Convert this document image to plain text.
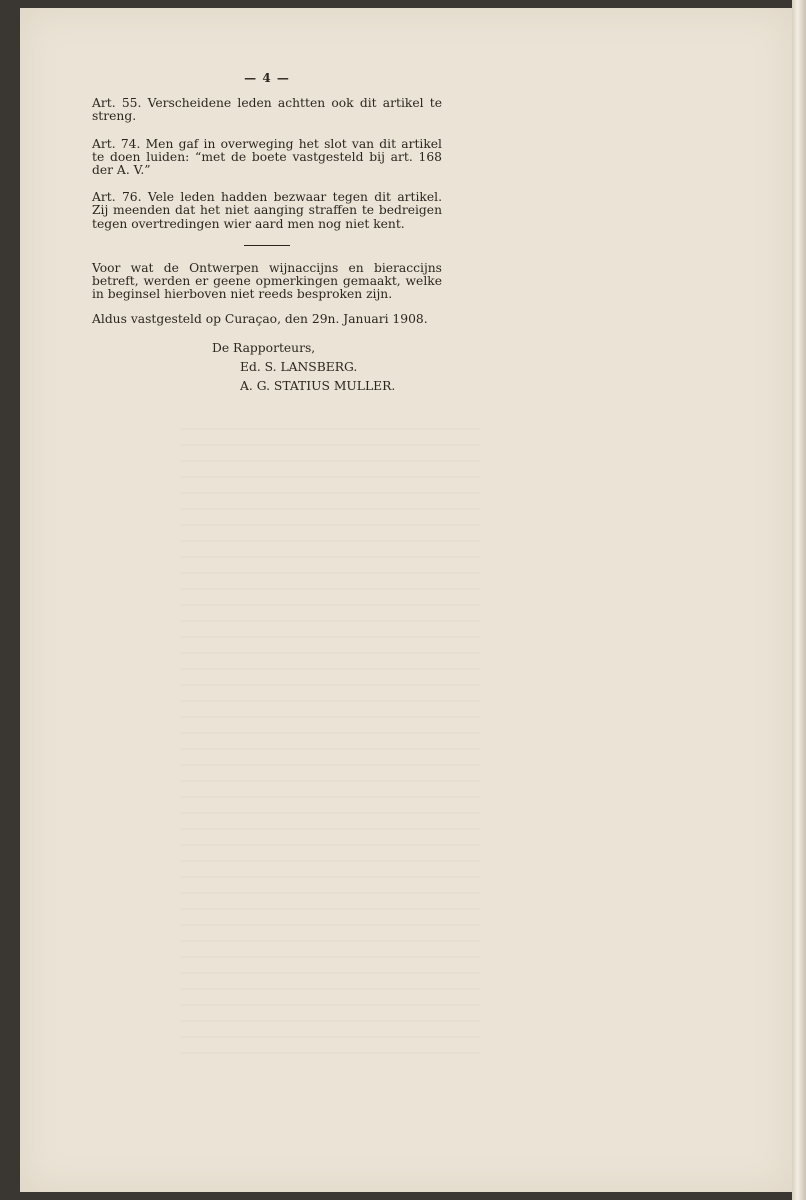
— 4 —

Art. 55. Verscheidene leden achtten ook dit artikel te streng.

Art. 74. Men gaf in overweging het slot van dit artikel te doen luiden: “met de boete vastgesteld bij art. 168 der A. V.”

Art. 76. Vele leden hadden bezwaar tegen dit artikel. Zij meenden dat het niet aanging straffen te bedreigen tegen overtredingen wier aard men nog niet kent.

Voor wat de Ontwerpen wijnaccijns en bieraccijns betreft, werden er geene opmerkingen gemaakt, welke in beginsel hierboven niet reeds besproken zijn.

Aldus vastgesteld op Curaçao, den 29n. Januari 1908.

De Rapporteurs,
Ed. S. LANSBERG.
A. G. STATIUS MULLER.
